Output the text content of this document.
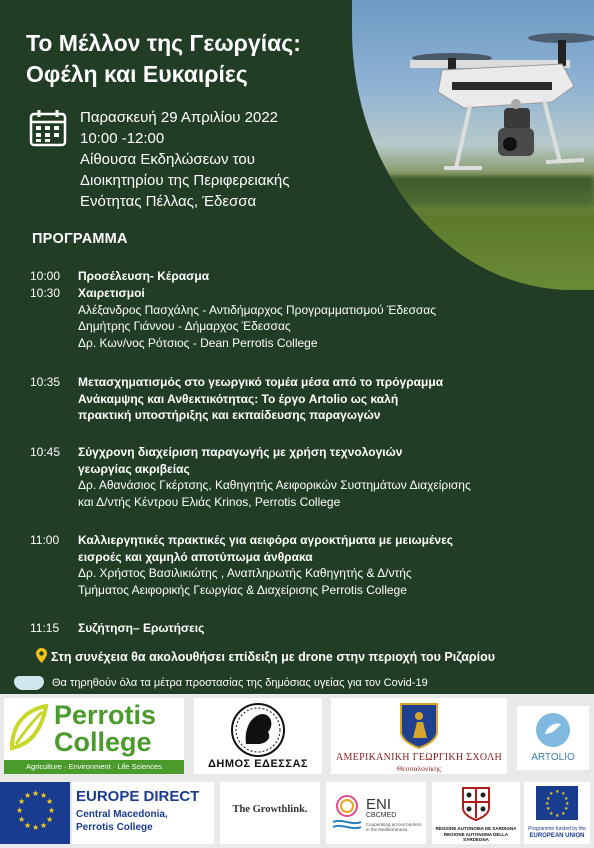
Το Μέλλον της Γεωργίας:
Οφέλη και Ευκαιρίες
Παρασκευή 29 Απριλίου 2022
10:00 -12:00
Αίθουσα Εκδηλώσεων του
Διοικητηρίου της Περιφερειακής
Ενότητας Πέλλας, Έδεσσα
ΠΡΟΓΡΑΜΜΑ
10:00	Προσέλευση- Κέρασμα
10:30	Χαιρετισμοί
Αλέξανδρος Πασχάλης - Αντιδήμαρχος Προγραμματισμού Έδεσσας
Δημήτρης Γιάννου - Δήμαρχος Έδεσσας
Δρ. Κων/νος Ρότσιος - Dean Perrotis College
10:35	Μετασχηματισμός στο γεωργικό τομέα μέσα από το πρόγραμμα
Ανάκαμψης και Ανθεκτικότητας: Το έργο Artolio ως καλή
πρακτική υποστήριξης και εκπαίδευσης παραγωγών
10:45	Σύγχρονη διαχείριση παραγωγής με χρήση τεχνολογιών
γεωργίας ακριβείας
Δρ. Αθανάσιος Γκέρτσης, Καθηγητής Αειφορικών Συστημάτων Διαχείρισης
και Δ/ντής Κέντρου Ελιάς Krinos, Perrotis College
11:00	Καλλιεργητικές πρακτικές για αειφόρα αγροκτήματα με μειωμένες
εισροές και χαμηλό αποτύπωμα άνθρακα
Δρ. Χρήστος Βασιλικιώτης , Αναπληρωτής Καθηγητής & Δ/ντής
Τμήματος Αειφορικής Γεωργίας & Διαχείρισης Perrotis College
11:15	Συζήτηση– Ερωτήσεις
Στη συνέχεια θα ακολουθήσει επίδειξη με drone στην περιοχή του Ριζαρίου
Θα τηρηθούν όλα τα μέτρα προστασίας της δημόσιας υγείας για τον Covid-19
Perrotis
College
Agriculture · Environment · Life Sciences	ΔΗΜΟΣ ΕΔΕΣΣΑΣ
ΑΜΕΡΙΚΑΝΙΚΗ ΓΕΩΡΓΙΚΗ ΣΧΟΛΗ
Θεσσαλονίκης
ARTOLIO
★ ★
★
★
★
★
★
★
★
★
★
★	EUROPE DIRECT
Central Macedonia,
Perrotis College
The Growthlink.	ENI
CBCMED
Cooperating across borders in the Mediterranean	REGIONE AUTONOMA DE SARDIGNA
REGIONE AUTONOMA DELLA SARDEGNA
★ ★
★
★
★
★
★
★
★
★
★
★
Programme funded by the
EUROPEAN UNION
